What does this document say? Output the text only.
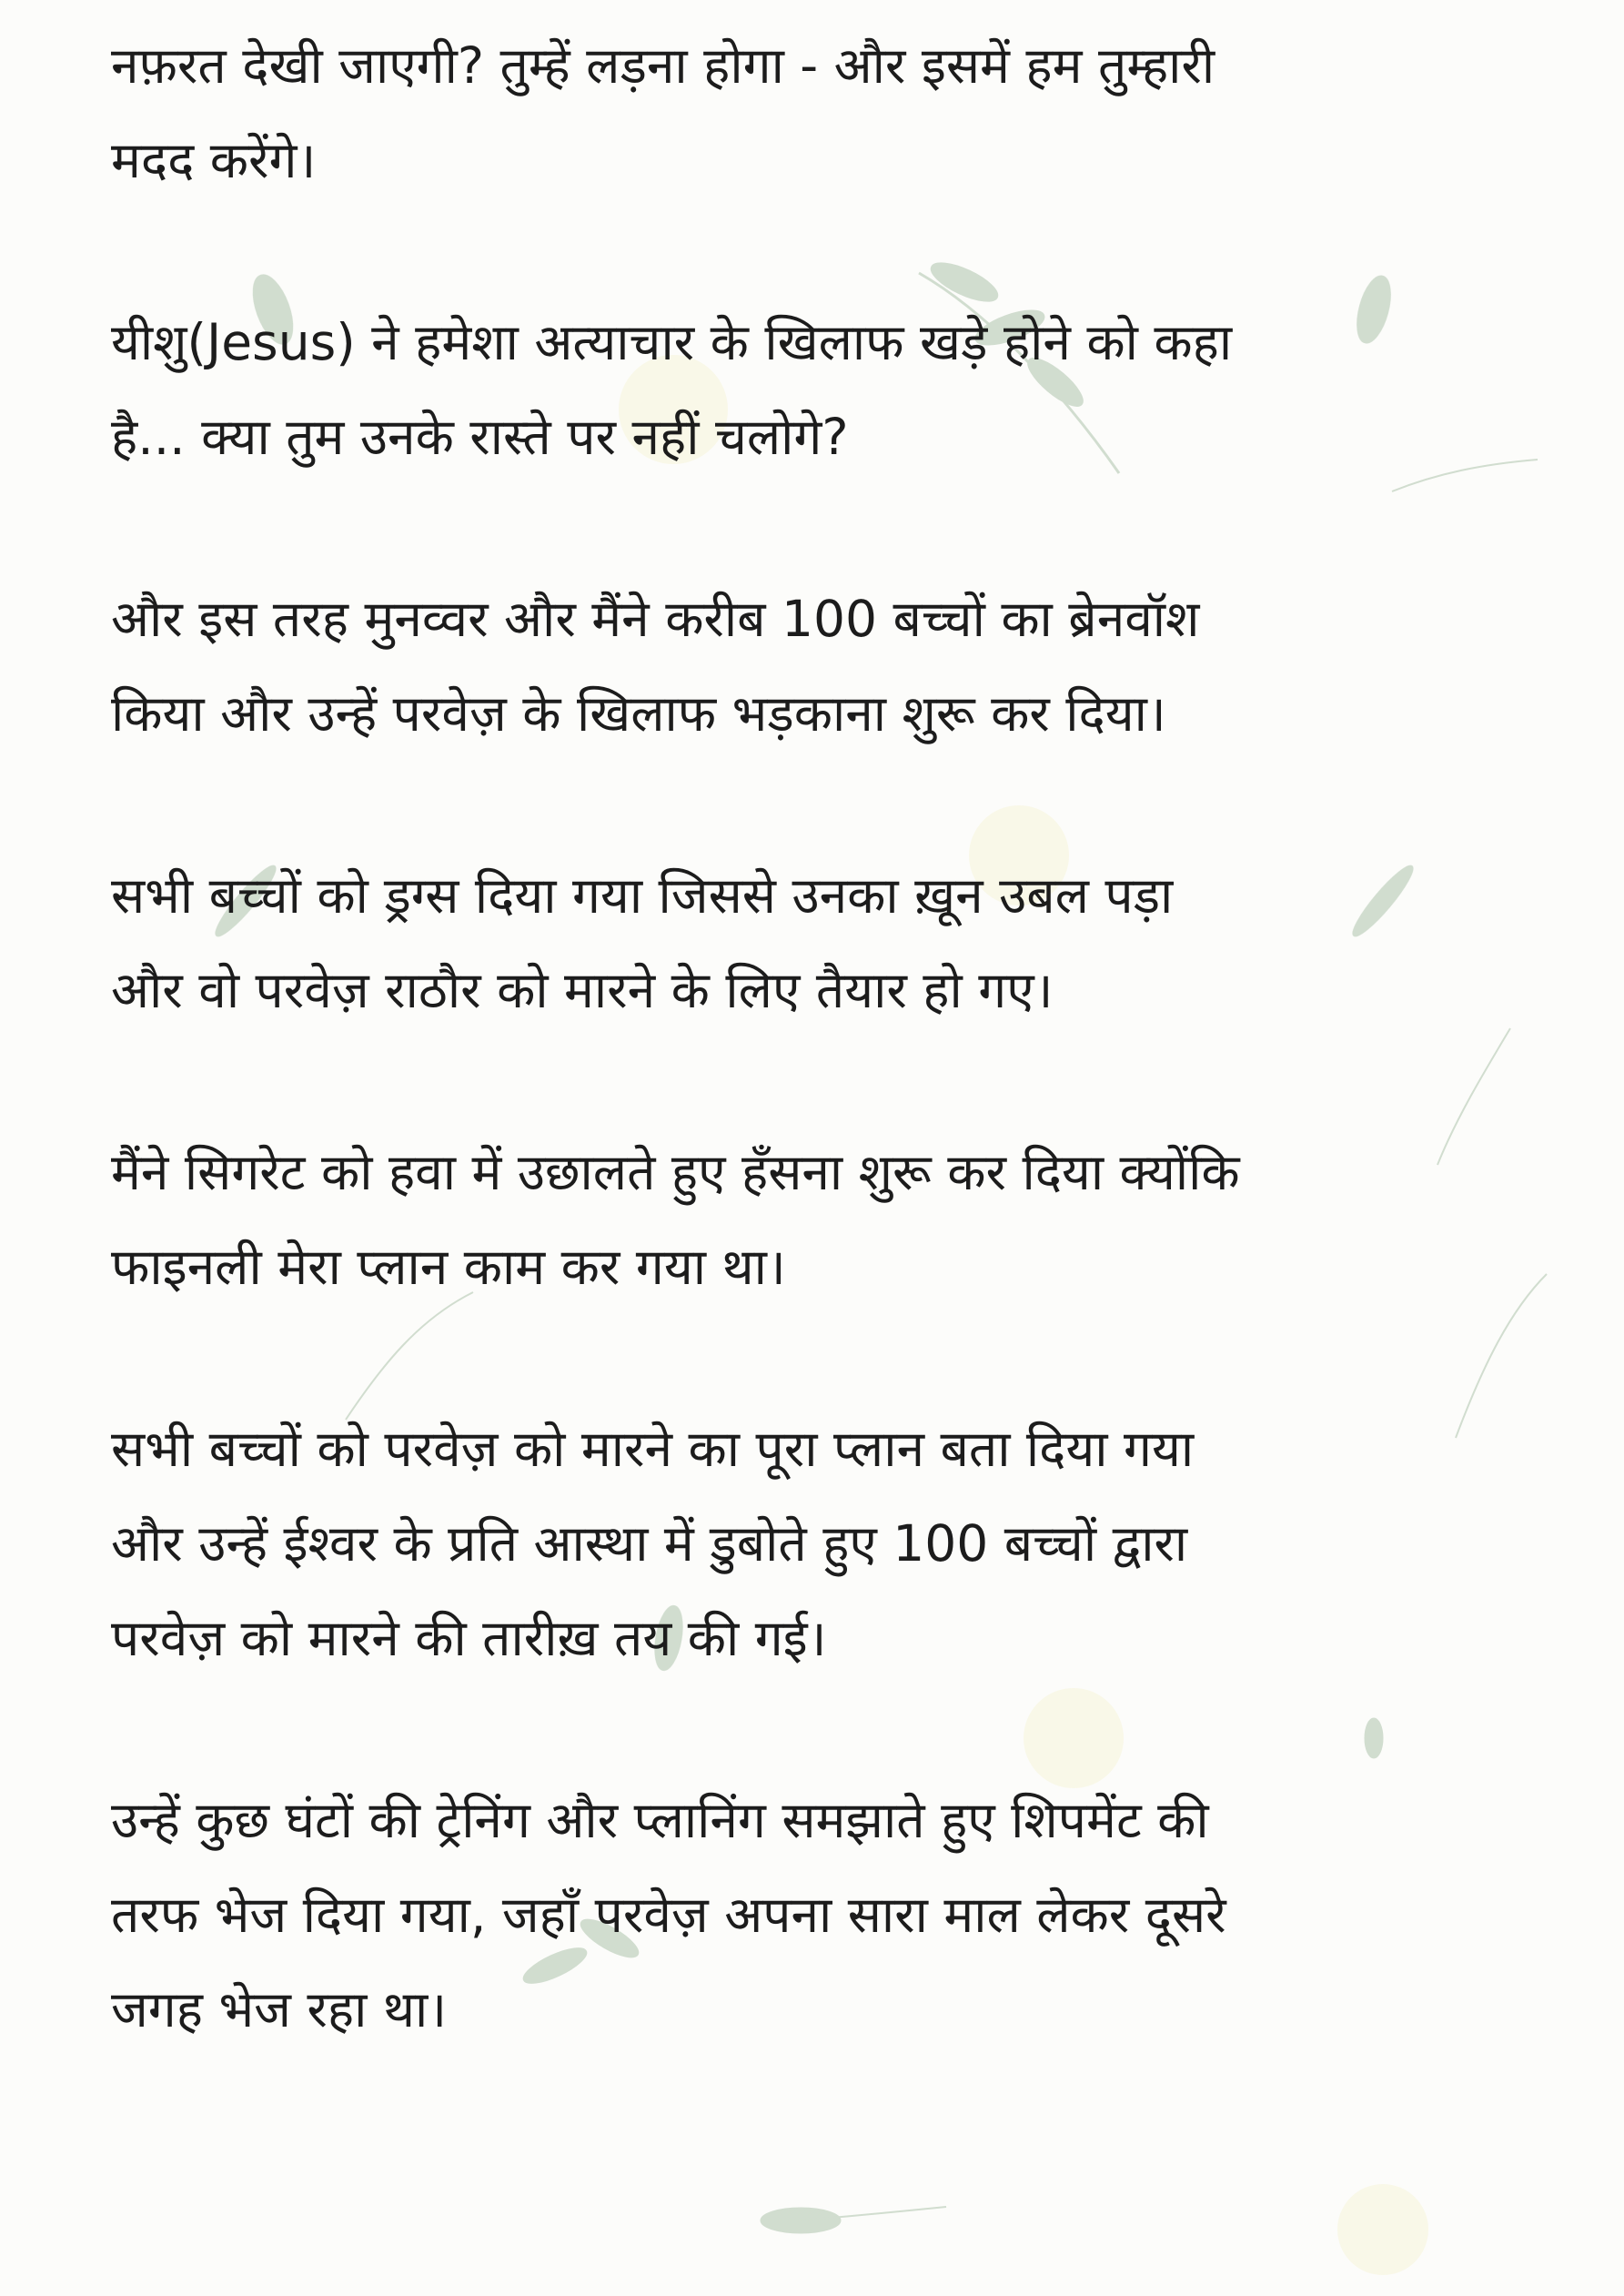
नफ़रत देखी जाएगी? तुम्हें लड़ना होगा - और इसमें हम तुम्हारी
मदद करेंगे।

यीशु(Jesus) ने हमेशा अत्याचार के खिलाफ खड़े होने को कहा
है... क्या तुम उनके रास्ते पर नहीं चलोगे?

और इस तरह मुनव्वर और मैंने करीब 100 बच्चों का ब्रेनवॉश
किया और उन्हें परवेज़ के खिलाफ भड़काना शुरू कर दिया।

सभी बच्चों को ड्रग्स दिया गया जिससे उनका ख़ून उबल पड़ा
और वो परवेज़ राठौर को मारने के लिए तैयार हो गए।

मैंने सिगरेट को हवा में उछालते हुए हँसना शुरू कर दिया क्योंकि
फाइनली मेरा प्लान काम कर गया था।

सभी बच्चों को परवेज़ को मारने का पूरा प्लान बता दिया गया
और उन्हें ईश्वर के प्रति आस्था में डुबोते हुए 100 बच्चों द्वारा
परवेज़ को मारने की तारीख़ तय की गई।

उन्हें कुछ घंटों की ट्रेनिंग और प्लानिंग समझाते हुए शिपमेंट की
तरफ भेज दिया गया, जहाँ परवेज़ अपना सारा माल लेकर दूसरे
जगह भेज रहा था।
